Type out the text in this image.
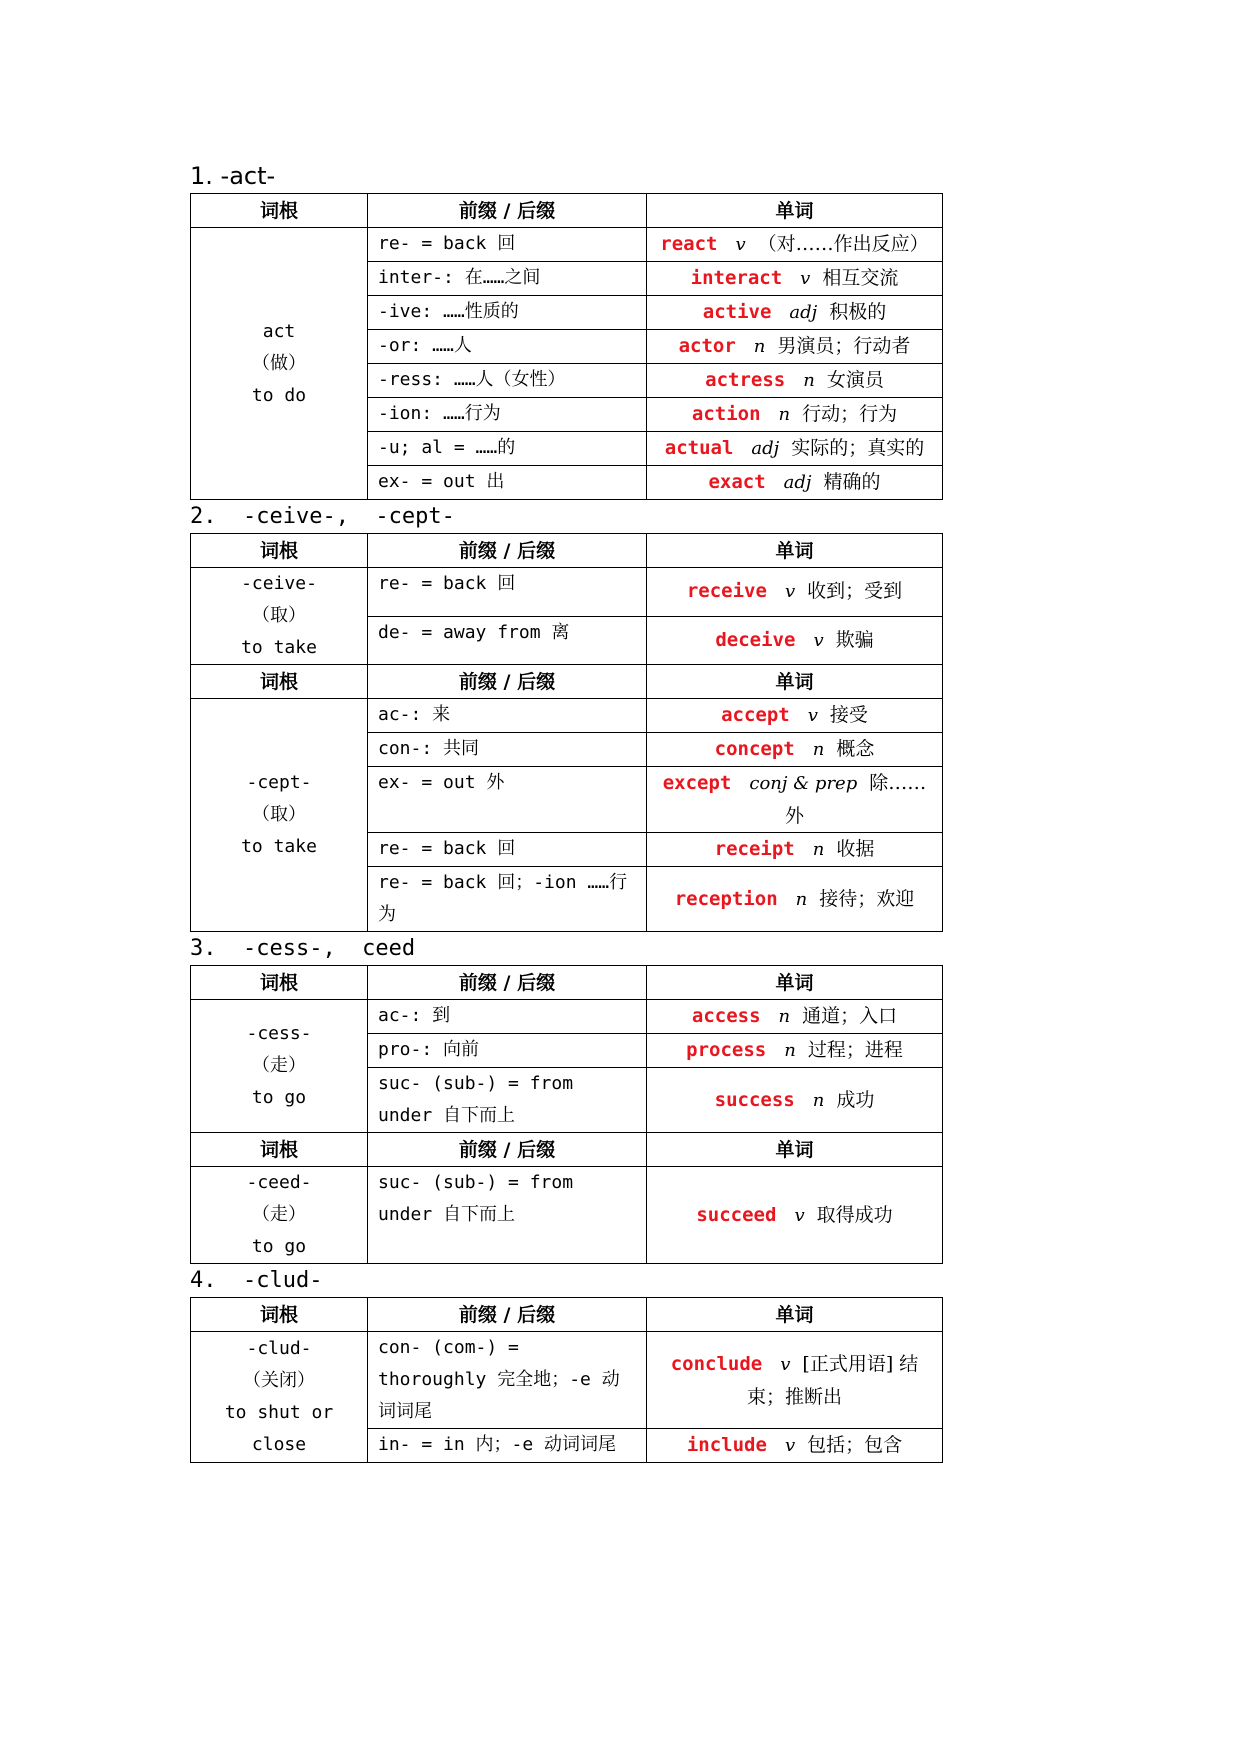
1. -act-
词根	前缀 / 后缀	单词

act
（做）
to do	re- = back 回	react v （对……作出反应）
	inter-: 在……之间	interact v 相互交流
	-ive: ……性质的	active adj 积极的
	-or: ……人	actor n 男演员；行动者
	-ress: ……人（女性）	actress n 女演员
	-ion: ……行为	action n 行动；行为
	-u; al = ……的	actual adj 实际的；真实的
	ex- = out 出	exact adj 精确的
2.  -ceive-,  -cept-
词根	前缀 / 后缀	单词

-ceive-
（取）
to take	re- = back 回	receive v 收到；受到
	de- = away from 离	deceive v 欺骗
词根	前缀 / 后缀	单词

-cept-
（取）
to take	ac-: 来	accept v 接受
	con-: 共同	concept n 概念
	ex- = out 外	except conj & prep 除……外
	re- = back 回	receipt n 收据
	re- = back 回；-ion ……行为	reception n 接待；欢迎
3.  -cess-,  ceed
词根	前缀 / 后缀	单词

-cess-
（走）
to go	ac-: 到	access n 通道；入口
	pro-: 向前	process n 过程；进程
	suc- (sub-) = from under 自下而上	success n 成功
词根	前缀 / 后缀	单词

-ceed-
（走）
to go	suc- (sub-) = from under 自下而上	succeed v 取得成功
4.  -clud-
词根	前缀 / 后缀	单词

-clud-
（关闭）
to shut or
close	con- (com-) = thoroughly 完全地；-e 动词词尾	conclude v [正式用语] 结束；推断出
	in- = in 内；-e 动词词尾	include v 包括；包含
